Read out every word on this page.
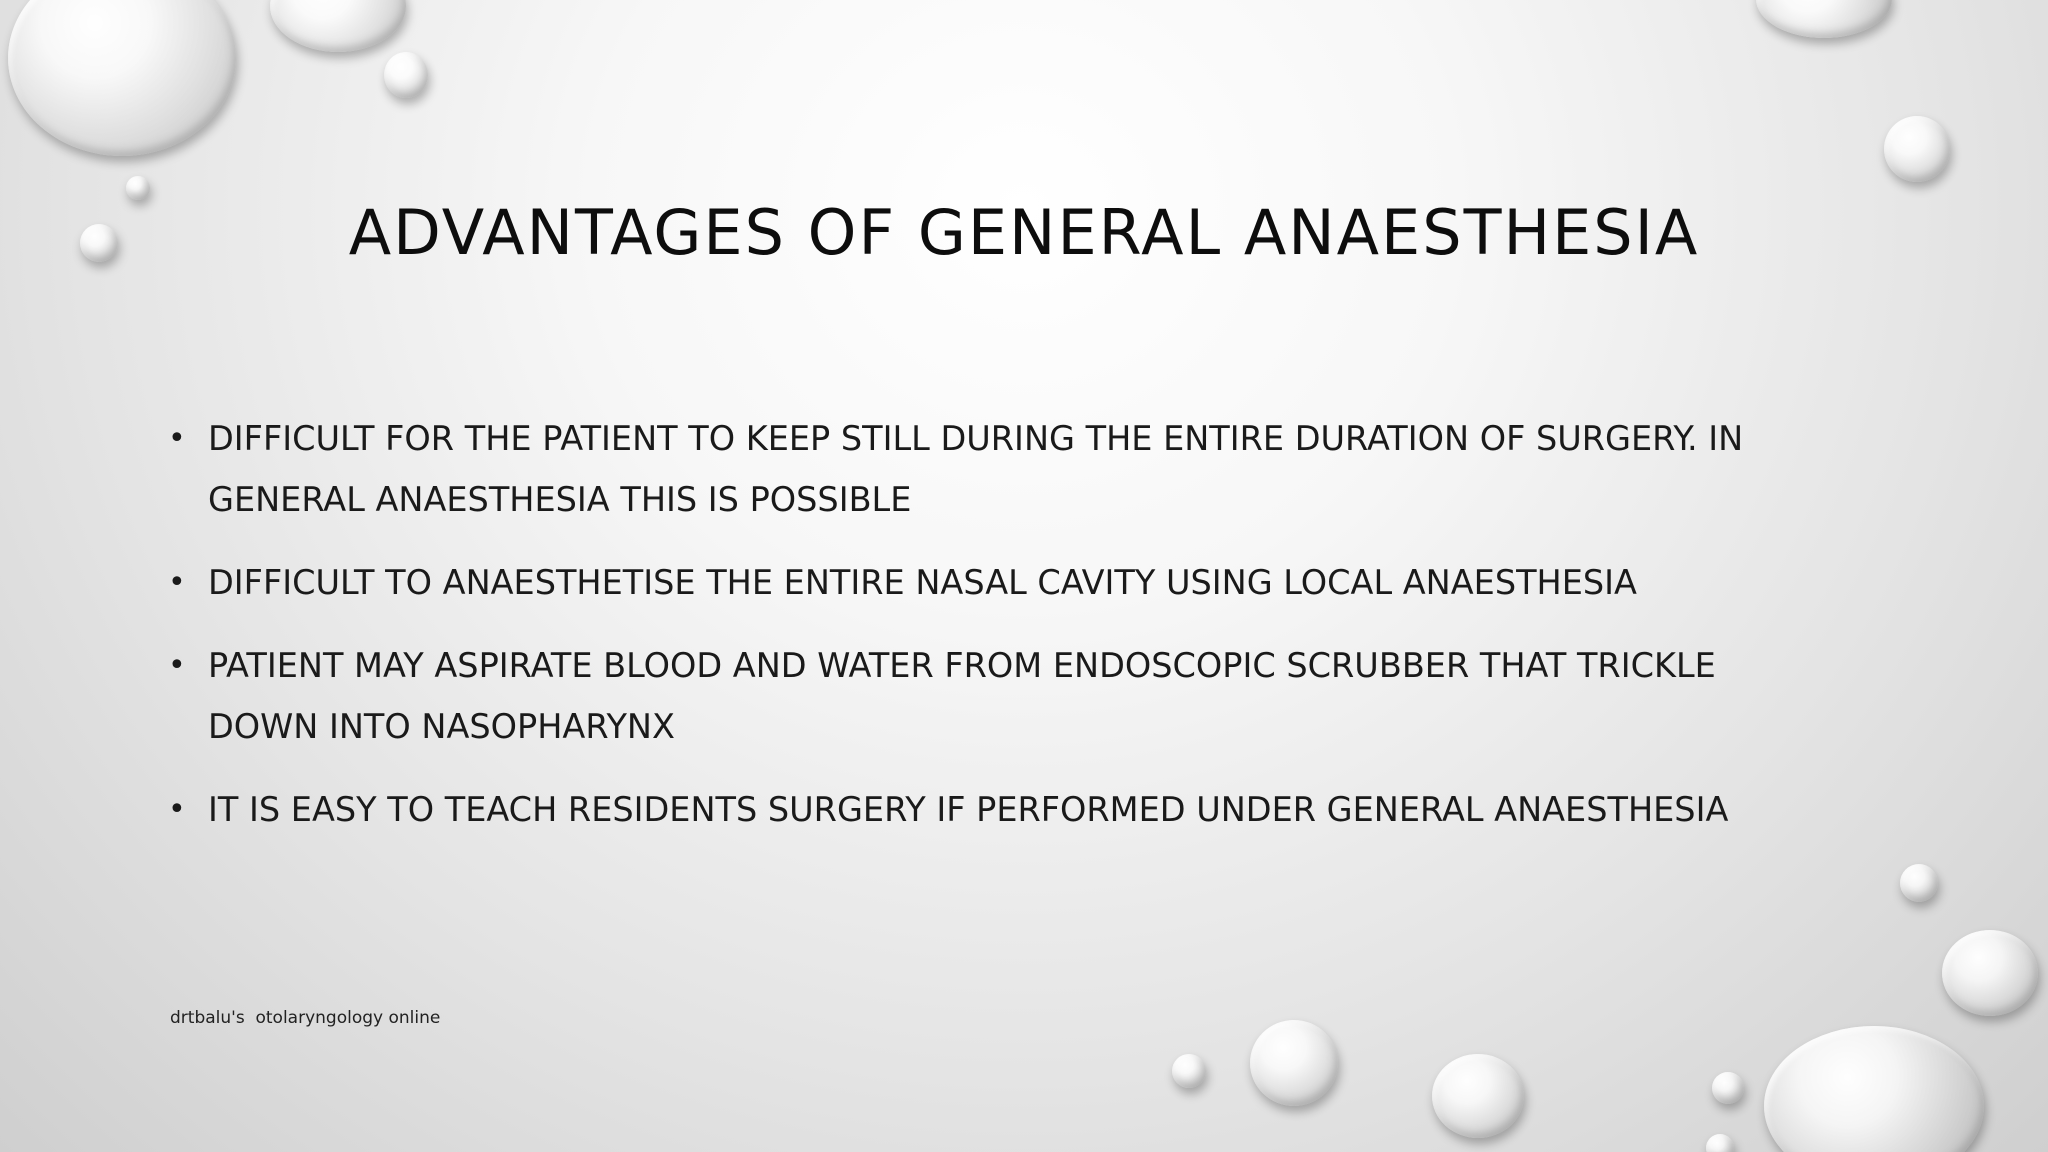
ADVANTAGES OF GENERAL ANAESTHESIA
• DIFFICULT FOR THE PATIENT TO KEEP STILL DURING THE ENTIRE DURATION OF SURGERY. IN GENERAL ANAESTHESIA THIS IS POSSIBLE
• DIFFICULT TO ANAESTHETISE THE ENTIRE NASAL CAVITY USING LOCAL ANAESTHESIA
• PATIENT MAY ASPIRATE BLOOD AND WATER FROM ENDOSCOPIC SCRUBBER THAT TRICKLE DOWN INTO NASOPHARYNX
• IT IS EASY TO TEACH RESIDENTS SURGERY IF PERFORMED UNDER GENERAL ANAESTHESIA
drtbalu's  otolaryngology online
